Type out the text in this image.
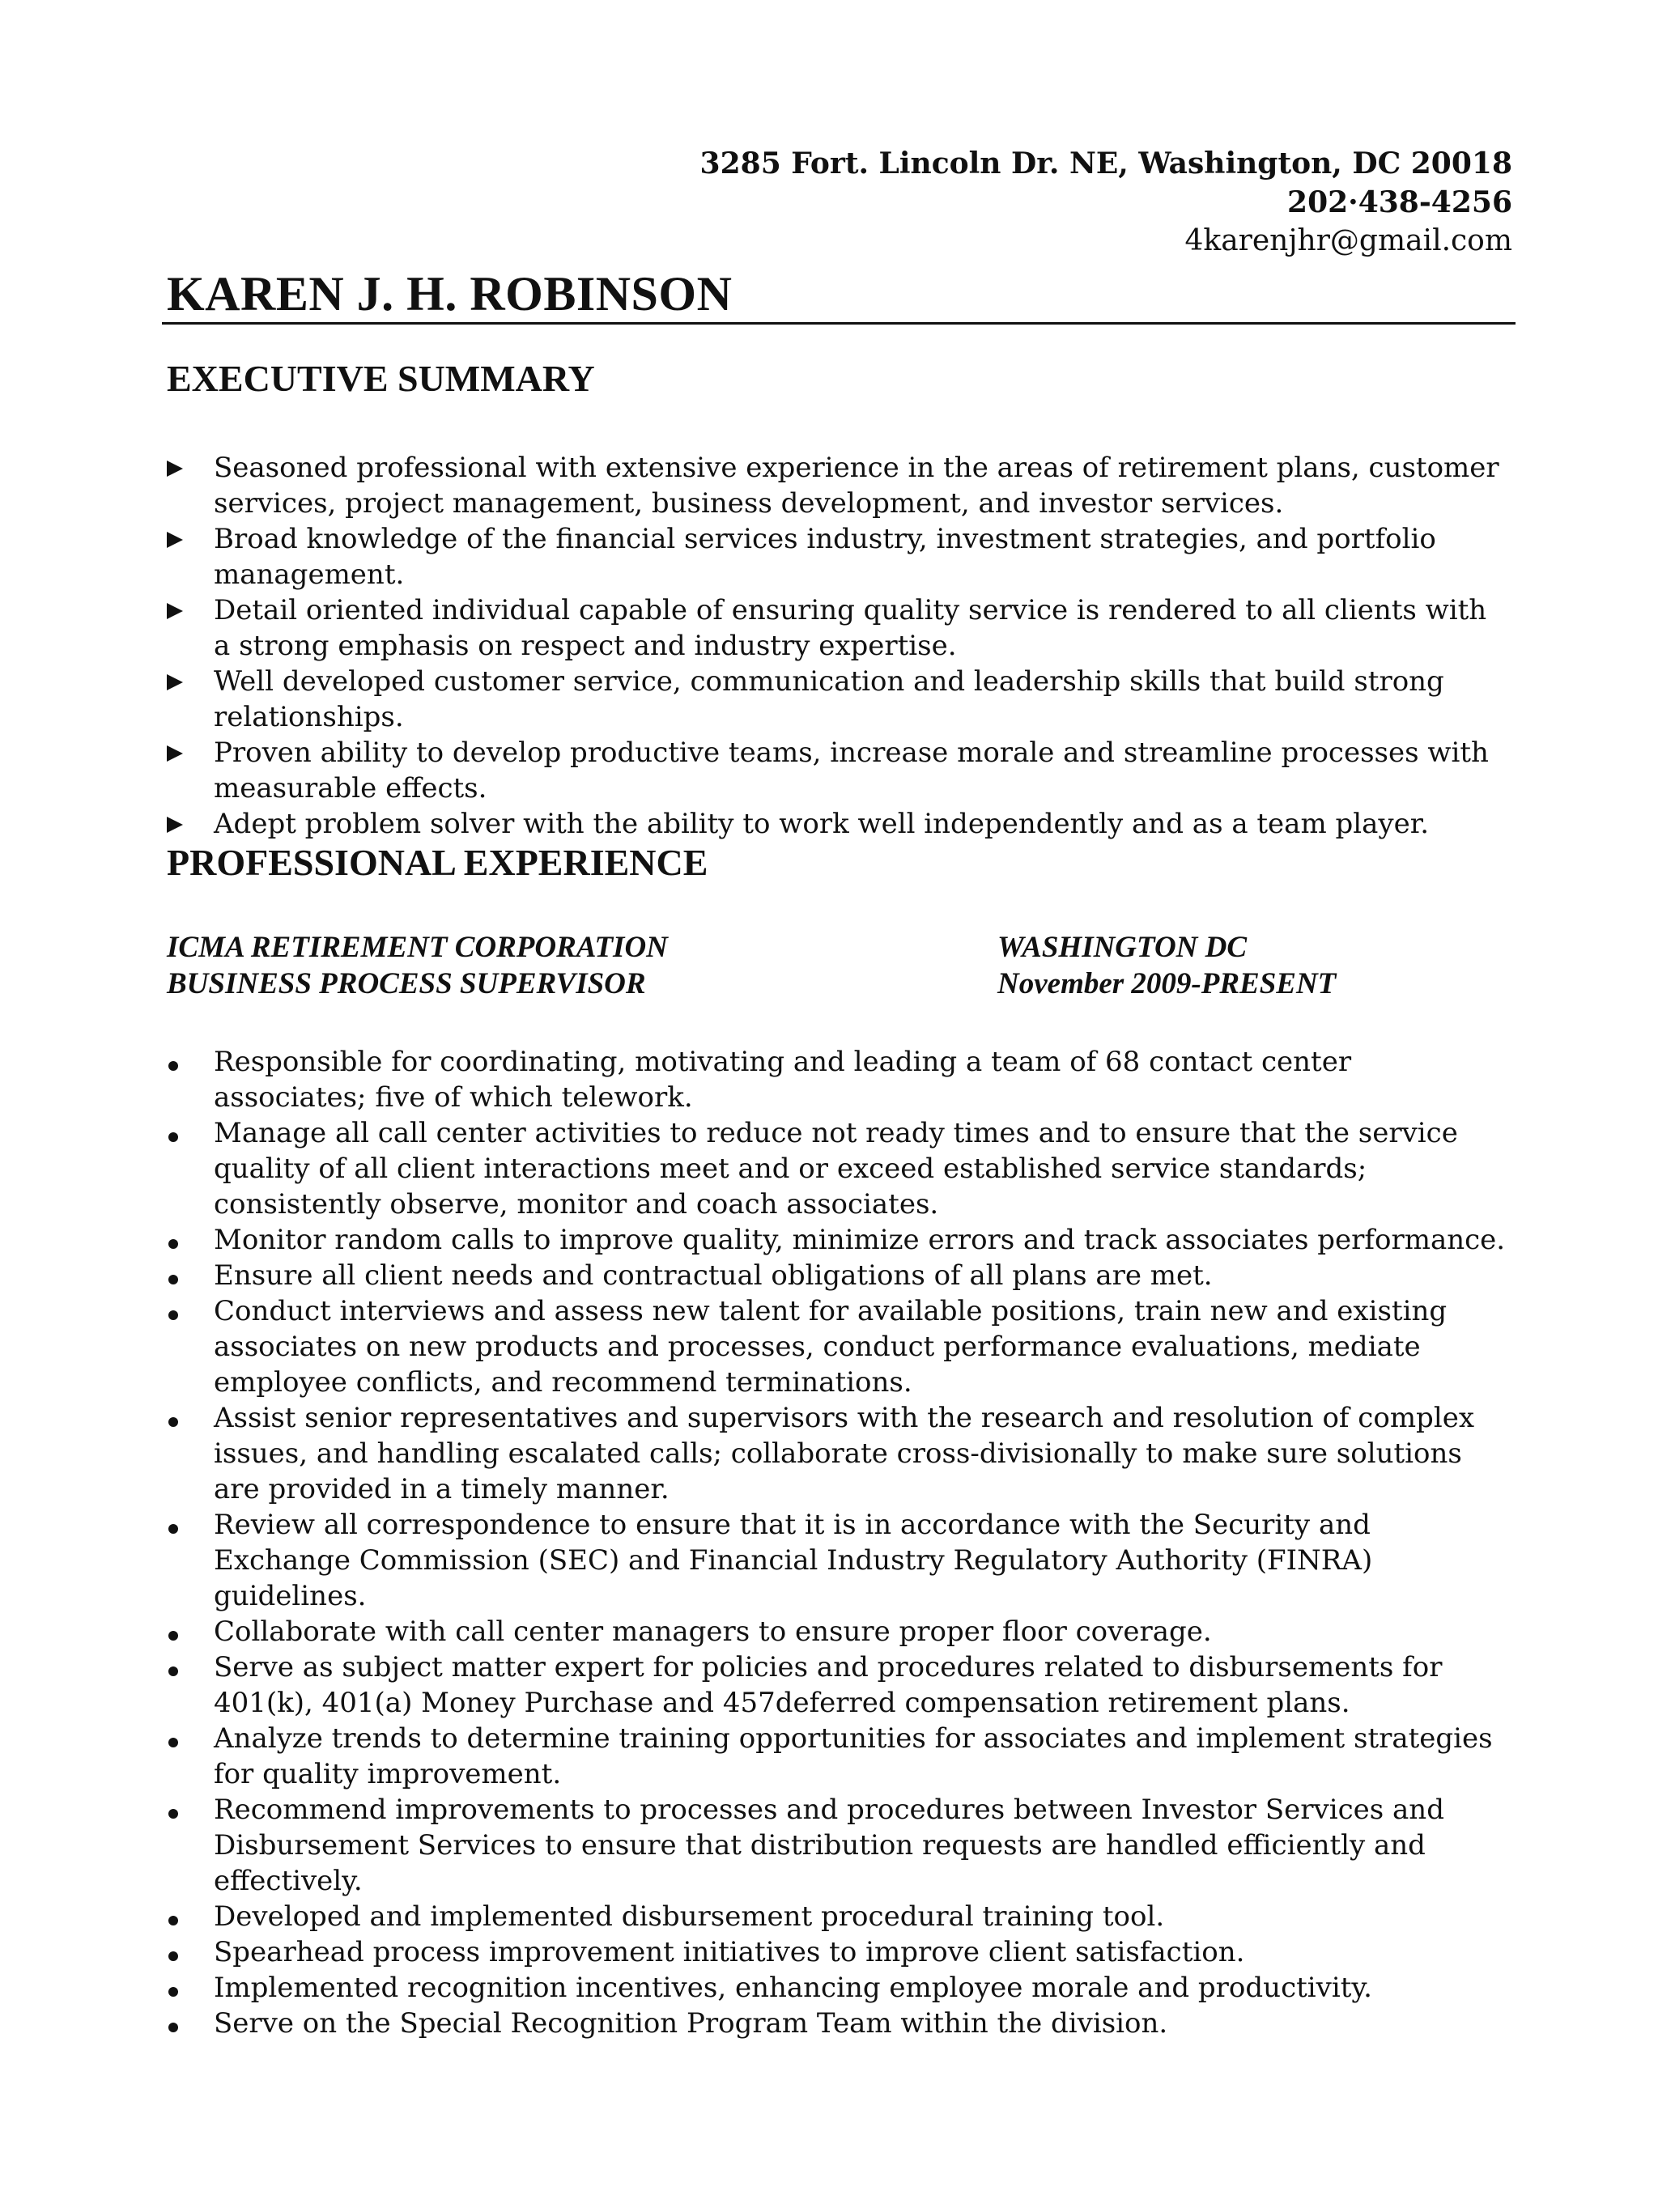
3285 Fort. Lincoln Dr. NE, Washington, DC 20018
202·438-4256
4karenjhr@gmail.com
KAREN J. H. ROBINSON
EXECUTIVE SUMMARY
Seasoned professional with extensive experience in the areas of retirement plans, customer services, project management, business development, and investor services.
Broad knowledge of the financial services industry, investment strategies, and portfolio management.
Detail oriented individual capable of ensuring quality service is rendered to all clients with a strong emphasis on respect and industry expertise.
Well developed customer service, communication and leadership skills that build strong relationships.
Proven ability to develop productive teams, increase morale and streamline processes with measurable effects.
Adept problem solver with the ability to work well independently and as a team player.
PROFESSIONAL EXPERIENCE
ICMA RETIREMENT CORPORATION	WASHINGTON DC
BUSINESS PROCESS SUPERVISOR	November 2009-PRESENT
Responsible for coordinating, motivating and leading a team of 68 contact center associates; five of which telework.
Manage all call center activities to reduce not ready times and to ensure that the service quality of all client interactions meet and or exceed established service standards; consistently observe, monitor and coach associates.
Monitor random calls to improve quality, minimize errors and track associates performance.
Ensure all client needs and contractual obligations of all plans are met.
Conduct interviews and assess new talent for available positions, train new and existing associates on new products and processes, conduct performance evaluations, mediate employee conflicts, and recommend terminations.
Assist senior representatives and supervisors with the research and resolution of complex issues, and handling escalated calls; collaborate cross-divisionally to make sure solutions are provided in a timely manner.
Review all correspondence to ensure that it is in accordance with the Security and Exchange Commission (SEC) and Financial Industry Regulatory Authority (FINRA) guidelines.
Collaborate with call center managers to ensure proper floor coverage.
Serve as subject matter expert for policies and procedures related to disbursements for 401(k), 401(a) Money Purchase and 457deferred compensation retirement plans.
Analyze trends to determine training opportunities for associates and implement strategies for quality improvement.
Recommend improvements to processes and procedures between Investor Services and Disbursement Services to ensure that distribution requests are handled efficiently and effectively.
Developed and implemented disbursement procedural training tool.
Spearhead process improvement initiatives to improve client satisfaction.
Implemented recognition incentives, enhancing employee morale and productivity.
Serve on the Special Recognition Program Team within the division.
